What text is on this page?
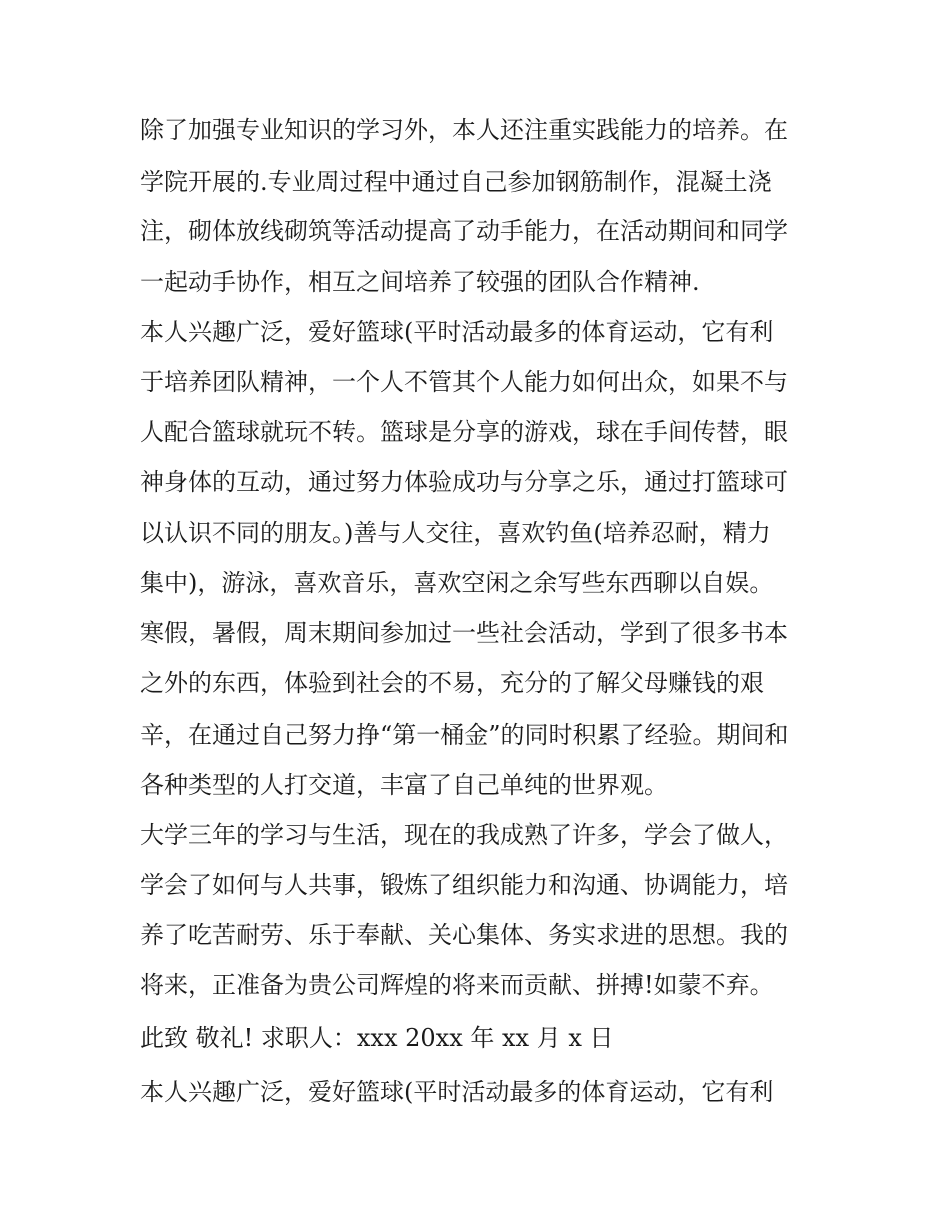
除了加强专业知识的学习外，本人还注重实践能力的培养。在
学院开展的.专业周过程中通过自己参加钢筋制作，混凝土浇
注，砌体放线砌筑等活动提高了动手能力，在活动期间和同学
一起动手协作，相互之间培养了较强的团队合作精神.
本人兴趣广泛，爱好篮球(平时活动最多的体育运动，它有利
于培养团队精神，一个人不管其个人能力如何出众，如果不与
人配合篮球就玩不转。篮球是分享的游戏，球在手间传替，眼
神身体的互动，通过努力体验成功与分享之乐，通过打篮球可
以认识不同的朋友。)善与人交往，喜欢钓鱼(培养忍耐，精力
集中)，游泳，喜欢音乐，喜欢空闲之余写些东西聊以自娱。
寒假，暑假，周末期间参加过一些社会活动，学到了很多书本
之外的东西，体验到社会的不易，充分的了解父母赚钱的艰
辛，在通过自己努力挣“第一桶金”的同时积累了经验。期间和
各种类型的人打交道，丰富了自己单纯的世界观。
大学三年的学习与生活，现在的我成熟了许多，学会了做人，
学会了如何与人共事，锻炼了组织能力和沟通、协调能力，培
养了吃苦耐劳、乐于奉献、关心集体、务实求进的思想。我的
将来，正准备为贵公司辉煌的将来而贡献、拼搏!如蒙不弃。
此致 敬礼! 求职人：xxx 20xx 年 xx 月 x 日
本人兴趣广泛，爱好篮球(平时活动最多的体育运动，它有利
